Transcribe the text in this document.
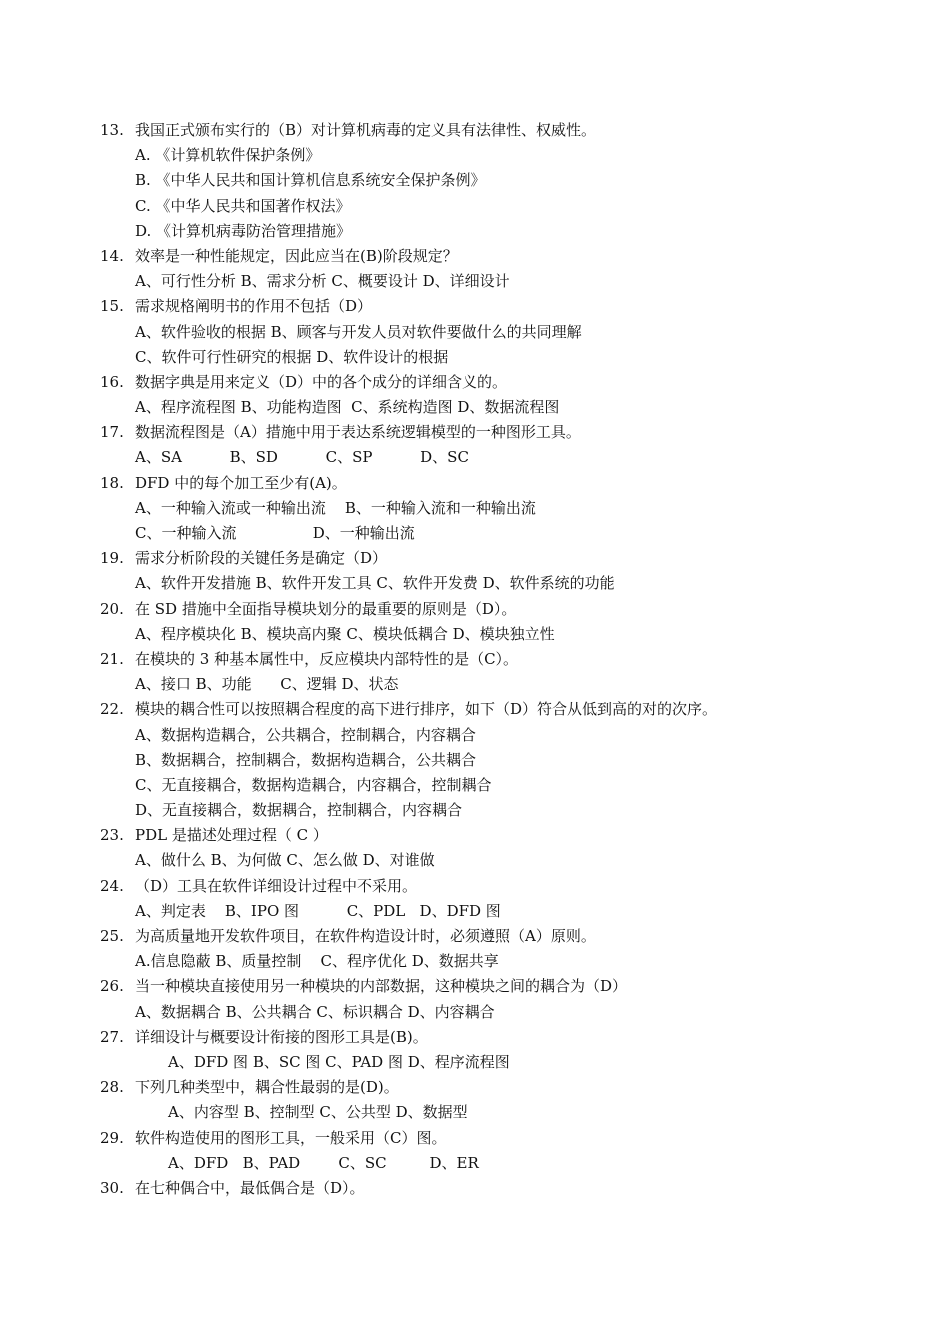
13. 我国正式颁布实行的（B）对计算机病毒的定义具有法律性、权威性。
A. 《计算机软件保护条例》
B. 《中华人民共和国计算机信息系统安全保护条例》
C. 《中华人民共和国著作权法》
D. 《计算机病毒防治管理措施》
14. 效率是一种性能规定，因此应当在(B)阶段规定？
A、可行性分析 B、需求分析 C、概要设计 D、详细设计
15. 需求规格阐明书的作用不包括（D）
A、软件验收的根据 B、顾客与开发人员对软件要做什么的共同理解
C、软件可行性研究的根据 D、软件设计的根据
16. 数据字典是用来定义（D）中的各个成分的详细含义的。
A、程序流程图 B、功能构造图  C、系统构造图 D、数据流程图
17. 数据流程图是（A）措施中用于表达系统逻辑模型的一种图形工具。
A、SA          B、SD          C、SP          D、SC
18. DFD 中的每个加工至少有(A)。
A、一种输入流或一种输出流    B、一种输入流和一种输出流
C、一种输入流                D、一种输出流
19. 需求分析阶段的关键任务是确定（D）
A、软件开发措施 B、软件开发工具 C、软件开发费 D、软件系统的功能
20. 在 SD 措施中全面指导模块划分的最重要的原则是（D）。
A、程序模块化 B、模块高内聚 C、模块低耦合 D、模块独立性
21. 在模块的 3 种基本属性中，反应模块内部特性的是（C）。
A、接口 B、功能      C、逻辑 D、状态
22. 模块的耦合性可以按照耦合程度的高下进行排序，如下（D）符合从低到高的对的次序。
A、数据构造耦合，公共耦合，控制耦合，内容耦合
B、数据耦合，控制耦合，数据构造耦合，公共耦合
C、无直接耦合，数据构造耦合，内容耦合，控制耦合
D、无直接耦合，数据耦合，控制耦合，内容耦合
23. PDL 是描述处理过程（ C ）
A、做什么 B、为何做 C、怎么做 D、对谁做
24. （D）工具在软件详细设计过程中不采用。
A、判定表    B、IPO 图          C、PDL   D、DFD 图
25. 为高质量地开发软件项目，在软件构造设计时，必须遵照（A）原则。
A.信息隐蔽 B、质量控制    C、程序优化 D、数据共享
26. 当一种模块直接使用另一种模块的内部数据，这种模块之间的耦合为（D）
A、数据耦合 B、公共耦合 C、标识耦合 D、内容耦合
27. 详细设计与概要设计衔接的图形工具是(B)。
A、DFD 图 B、SC 图 C、PAD 图 D、程序流程图
28. 下列几种类型中，耦合性最弱的是(D)。
A、内容型 B、控制型 C、公共型 D、数据型
29. 软件构造使用的图形工具，一般采用（C）图。
A、DFD   B、PAD        C、SC         D、ER
30. 在七种偶合中，最低偶合是（D）。
